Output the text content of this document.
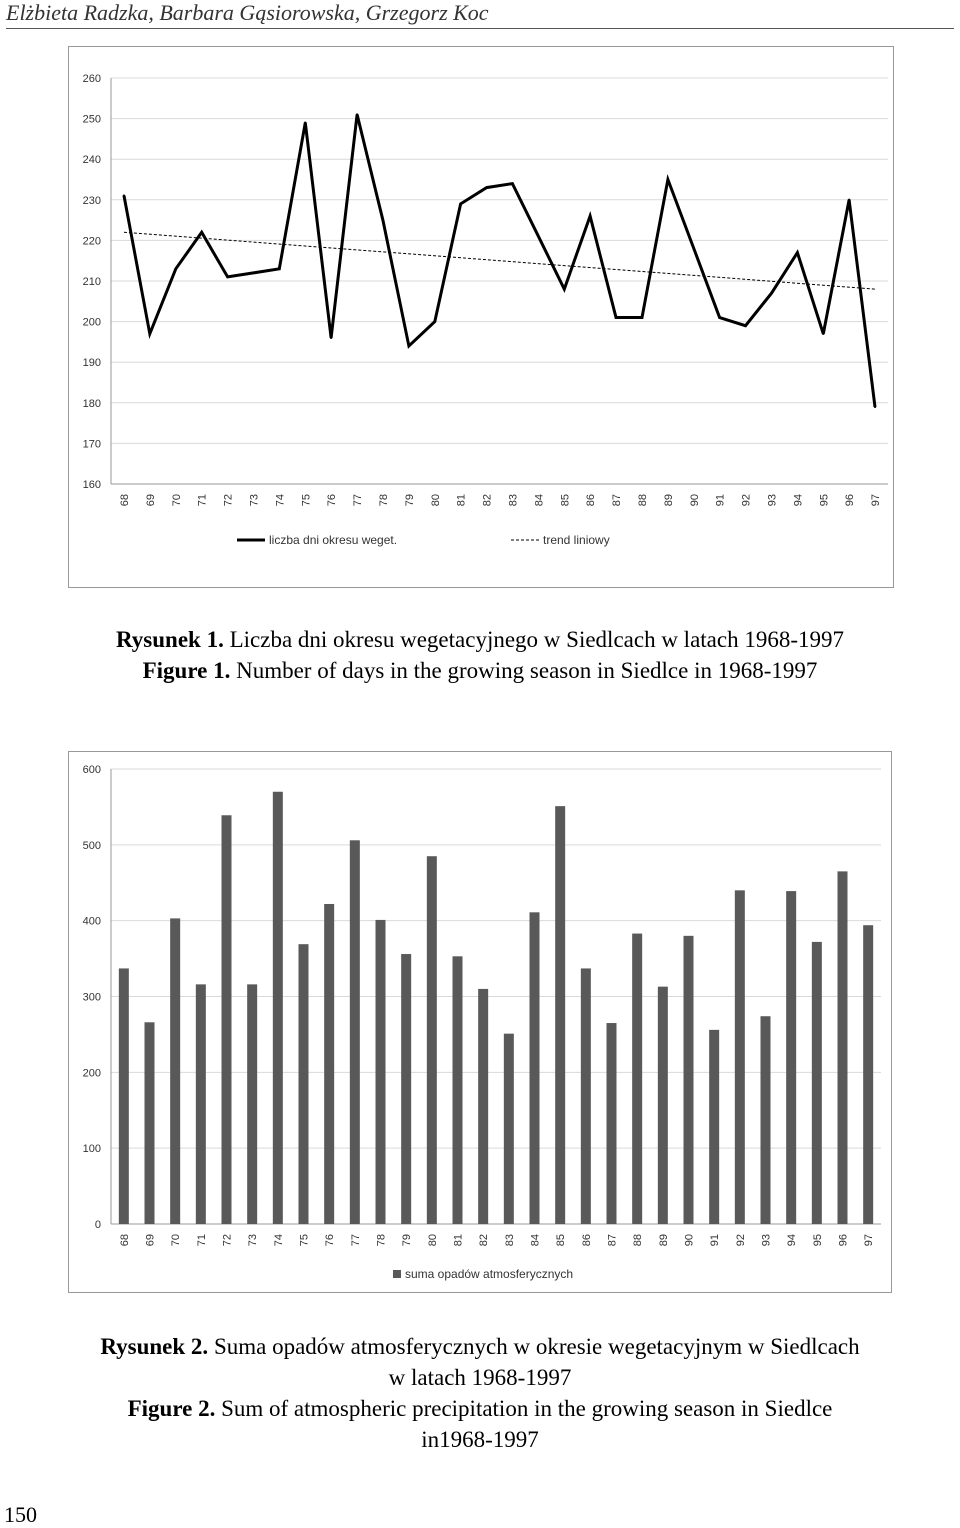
Elżbieta Radzka, Barbara Gąsiorowska, Grzegorz Koc
260
250
240
230
220
210
200
190
180
170
160
68 69 70 71 72 73 74 75 76 77 78 79 80 81 82 83 84 85 86 87 88 89 90 91 92 93 94 95 96 97
liczba dni okresu weget.	trend liniowy
Rysunek 1. Liczba dni okresu wegetacyjnego w Siedlcach w latach 1968-1997
Figure 1. Number of days in the growing season in Siedlce in 1968-1997
600
500
400
300
200
100
0
68 69 70 71 72 73 74 75 76 77 78 79 80 81 82 83 84 85 86 87 88 89 90 91 92 93 94 95 96 97
suma opadów atmosferycznych
Rysunek 2. Suma opadów atmosferycznych w okresie wegetacyjnym w Siedlcach
w latach 1968-1997
Figure 2. Sum of atmospheric precipitation in the growing season in Siedlce
in1968-1997
150
